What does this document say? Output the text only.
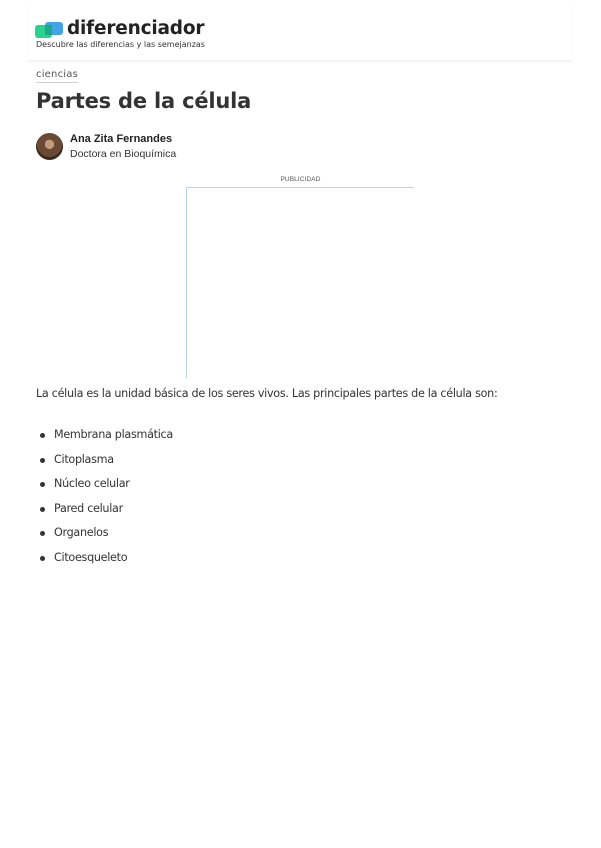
diferenciador
Descubre las diferencias y las semejanzas
ciencias
Partes de la célula
Ana Zita Fernandes
Doctora en Bioquímica
PUBLICIDAD

La célula es la unidad básica de los seres vivos. Las principales partes de la célula son:

Membrana plasmática
Citoplasma
Núcleo celular
Pared celular
Organelos
Citoesqueleto
